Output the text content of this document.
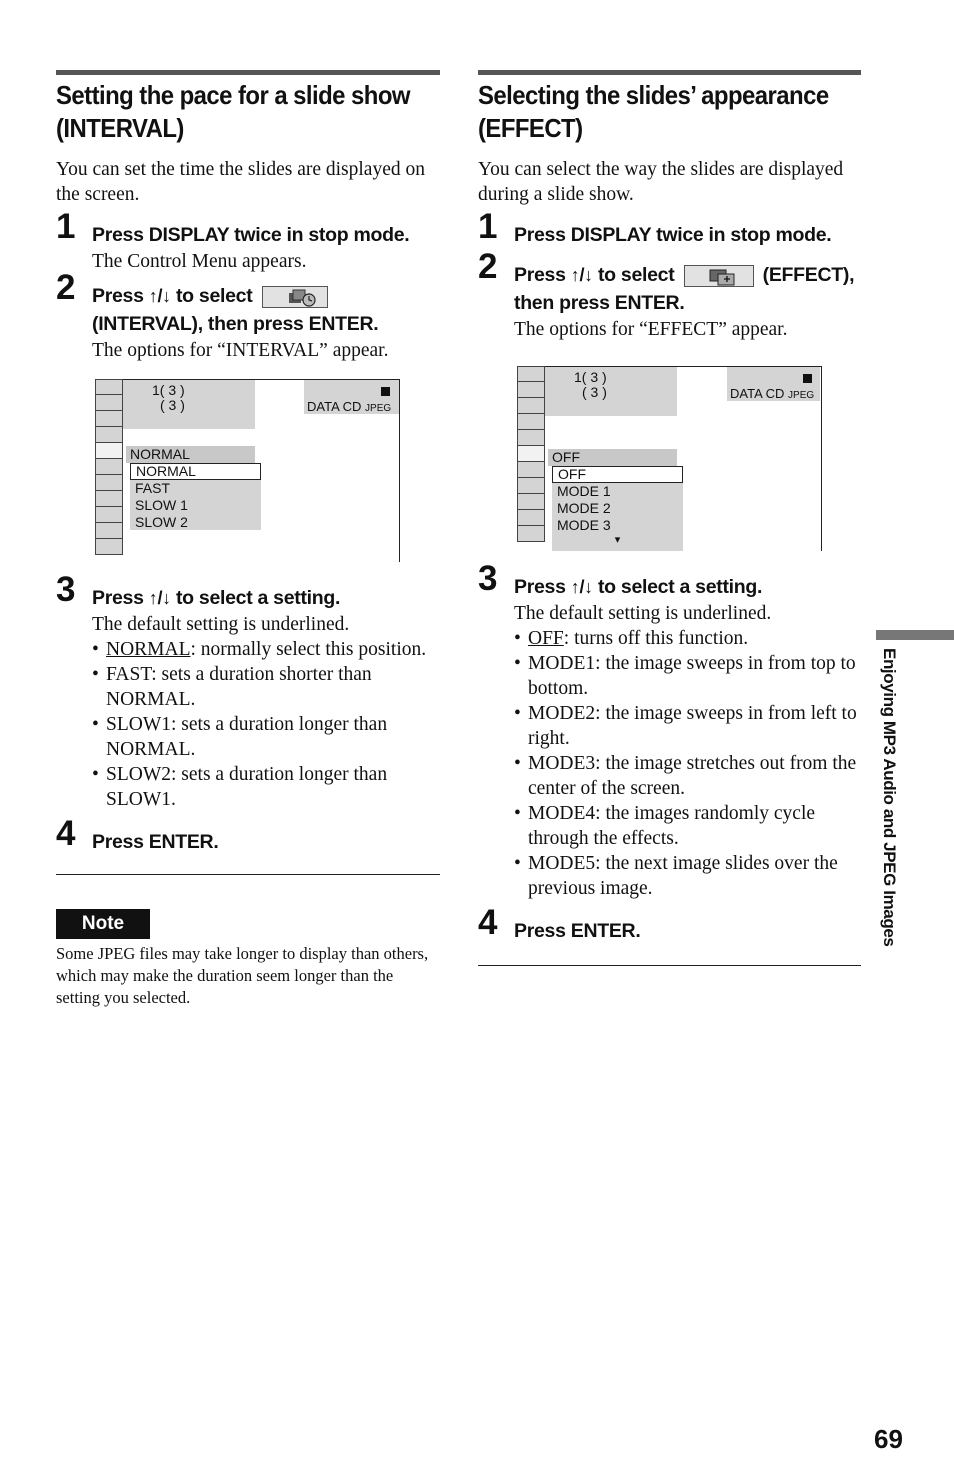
Setting the pace for a slide show (INTERVAL)

You can set the time the slides are displayed on the screen.

1 Press DISPLAY twice in stop mode.
The Control Menu appears.
2 Press ↑/↓ to select
(INTERVAL), then press ENTER.
The options for “INTERVAL” appear.
1( 3 )
( 3 )	DATA CD JPEG
NORMAL
NORMAL
FAST
SLOW 1
SLOW 2
3 Press ↑/↓ to select a setting.
The default setting is underlined.
• NORMAL: normally select this position.
• FAST: sets a duration shorter than NORMAL.
• SLOW1: sets a duration longer than NORMAL.
• SLOW2: sets a duration longer than SLOW1.
4 Press ENTER.
Note
Some JPEG files may take longer to display than others, which may make the duration seem longer than the setting you selected.
Selecting the slides’ appearance (EFFECT)

You can select the way the slides are displayed during a slide show.

1 Press DISPLAY twice in stop mode.
2 Press ↑/↓ to select	(EFFECT), then press ENTER.
The options for “EFFECT” appear.
1( 3 )
( 3 )	DATA CD JPEG
OFF
OFF
MODE 1
MODE 2
MODE 3
▾
3 Press ↑/↓ to select a setting.
The default setting is underlined.
• OFF: turns off this function.
• MODE1: the image sweeps in from top to bottom.
• MODE2: the image sweeps in from left to right.
• MODE3: the image stretches out from the center of the screen.
• MODE4: the images randomly cycle through the effects.
• MODE5: the next image slides over the previous image.
4 Press ENTER.	Enjoying MP3 Audio and JPEG Images
69
